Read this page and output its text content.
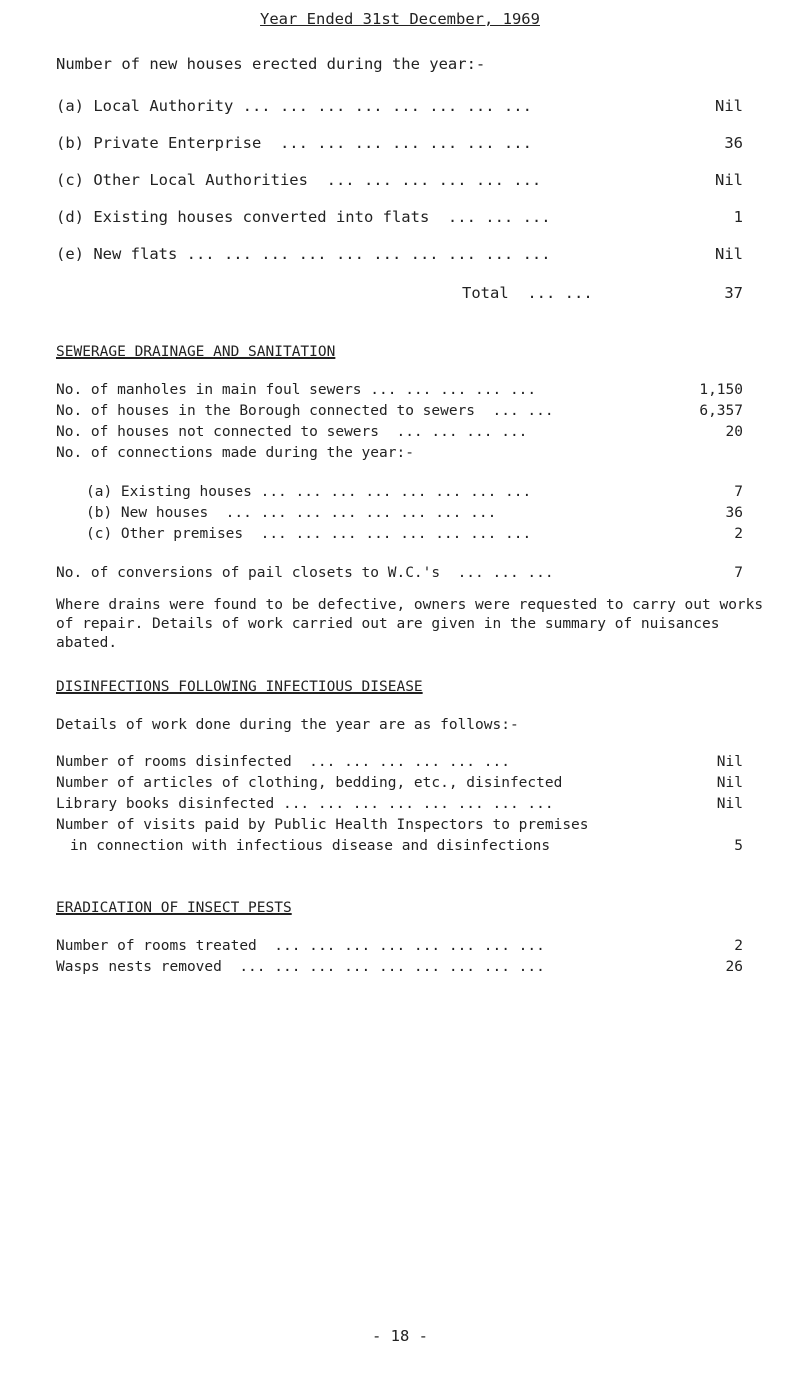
Year Ended 31st December, 1969
Number of new houses erected during the year:-
(a) Local Authority ... ... ... ... ... ... ... ...	Nil
(b) Private Enterprise  ... ... ... ... ... ... ...	36
(c) Other Local Authorities  ... ... ... ... ... ...	Nil
(d) Existing houses converted into flats  ... ... ...	1
(e) New flats ... ... ... ... ... ... ... ... ... ...	Nil
Total  ... ...	37
SEWERAGE DRAINAGE AND SANITATION
No. of manholes in main foul sewers ... ... ... ... ...	1,150
No. of houses in the Borough connected to sewers  ... ...	6,357
No. of houses not connected to sewers  ... ... ... ...	20
No. of connections made during the year:-
(a) Existing houses ... ... ... ... ... ... ... ...	7
(b) New houses  ... ... ... ... ... ... ... ...	36
(c) Other premises  ... ... ... ... ... ... ... ...	2
No. of conversions of pail closets to W.C.'s  ... ... ...	7
Where drains were found to be defective, owners were requested to carry out works of repair. Details of work carried out are given in the summary of nuisances abated.
DISINFECTIONS FOLLOWING INFECTIOUS DISEASE
Details of work done during the year are as follows:-
Number of rooms disinfected  ... ... ... ... ... ...	Nil
Number of articles of clothing, bedding, etc., disinfected	Nil
Library books disinfected ... ... ... ... ... ... ... ...	Nil
Number of visits paid by Public Health Inspectors to premises
in connection with infectious disease and disinfections	5
ERADICATION OF INSECT PESTS
Number of rooms treated  ... ... ... ... ... ... ... ...	2
Wasps nests removed  ... ... ... ... ... ... ... ... ...	26
- 18 -
